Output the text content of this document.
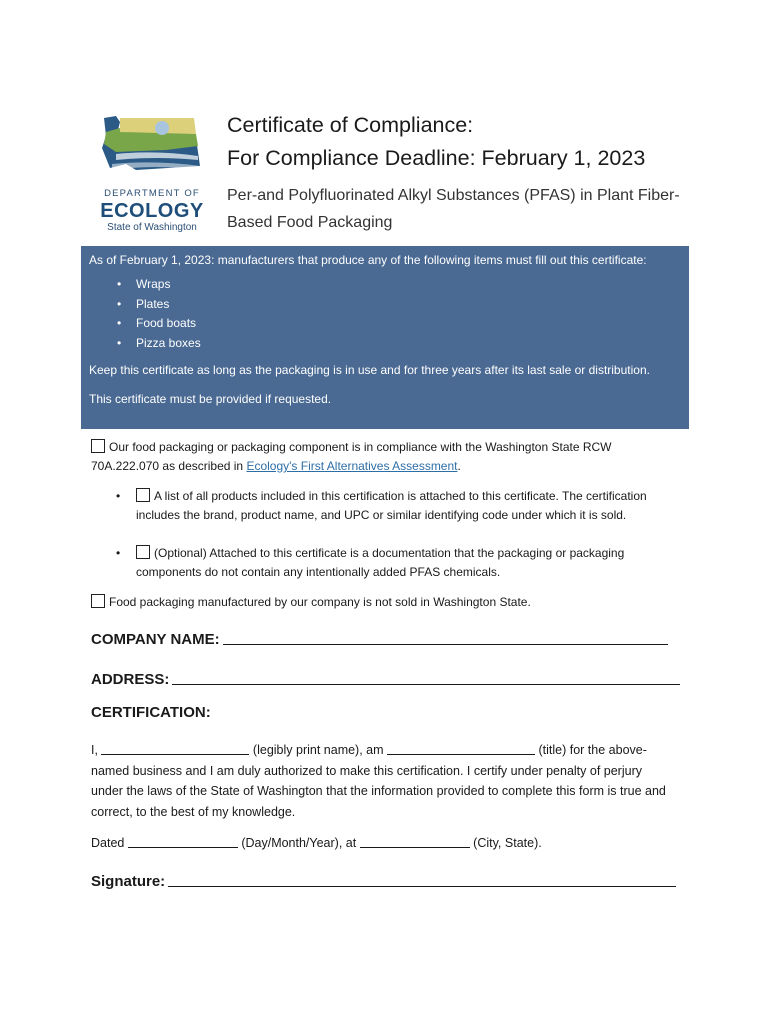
DEPARTMENT OF
ECOLOGY
State of Washington
Certificate of Compliance:
For Compliance Deadline: February 1, 2023
Per-and Polyfluorinated Alkyl Substances (PFAS) in Plant Fiber-Based Food Packaging
As of February 1, 2023: manufacturers that produce any of the following items must fill out this certificate:
• Wraps
• Plates
• Food boats
• Pizza boxes
Keep this certificate as long as the packaging is in use and for three years after its last sale or distribution.
This certificate must be provided if requested.
Our food packaging or packaging component is in compliance with the Washington State RCW 70A.222.070 as described in Ecology's First Alternatives Assessment.
• A list of all products included in this certification is attached to this certificate. The certification includes the brand, product name, and UPC or similar identifying code under which it is sold.
• (Optional) Attached to this certificate is a documentation that the packaging or packaging components do not contain any intentionally added PFAS chemicals.
Food packaging manufactured by our company is not sold in Washington State.
COMPANY NAME:
ADDRESS:
CERTIFICATION:
I,	(legibly print name), am	(title) for the above-named business and I am duly authorized to make this certification. I certify under penalty of perjury under the laws of the State of Washington that the information provided to complete this form is true and correct, to the best of my knowledge.
Dated	(Day/Month/Year), at	(City, State).
Signature:
